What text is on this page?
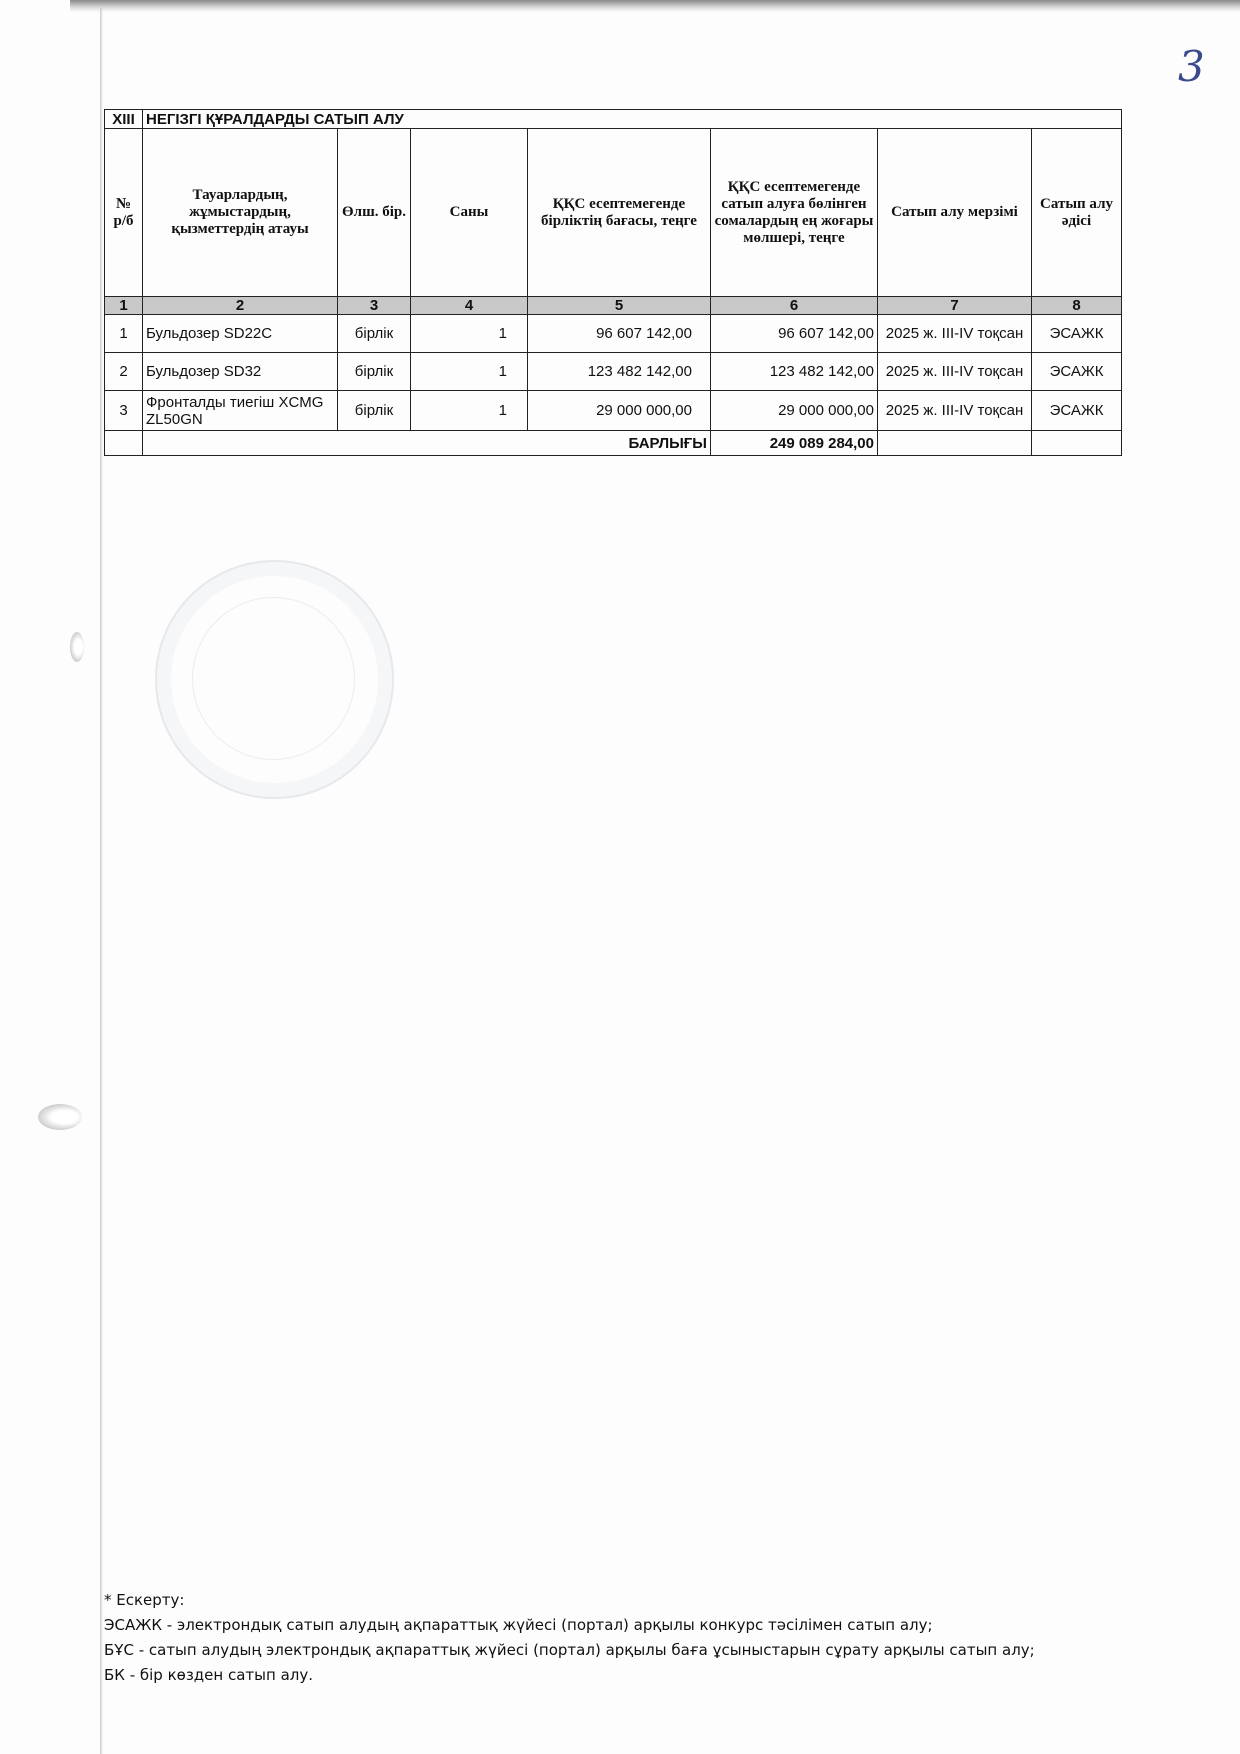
3
XIII	НЕГІЗГІ ҚҰРАЛДАРДЫ САТЫП АЛУ						
№ р/б	Тауарлардың, жұмыстардың, қызметтердің атауы	Өлш. бір.	Саны	ҚҚС есептемегенде бірліктің бағасы, теңге	ҚҚС есептемегенде сатып алуға бөлінген сомалардың ең жоғары мөлшері, теңге	Сатып алу мерзімі	Сатып алу әдісі
1	2	3	4	5	6	7	8
1	Бульдозер SD22C	бірлік	1	96 607 142,00	96 607 142,00	2025 ж. III-IV тоқсан	ЭСАЖК
2	Бульдозер SD32	бірлік	1	123 482 142,00	123 482 142,00	2025 ж. III-IV тоқсан	ЭСАЖК
3	Фронталды тиегіш XCMG ZL50GN	бірлік	1	29 000 000,00	29 000 000,00	2025 ж. III-IV тоқсан	ЭСАЖК
	БАРЛЫҒЫ				249 089 284,00		
* Ескерту:
ЭСАЖК - электрондық сатып алудың ақпараттық жүйесі (портал) арқылы конкурс тәсілімен сатып алу;
БҰС - сатып алудың электрондық ақпараттық жүйесі (портал) арқылы баға ұсыныстарын сұрату арқылы сатып алу;
БК - бір көзден сатып алу.
